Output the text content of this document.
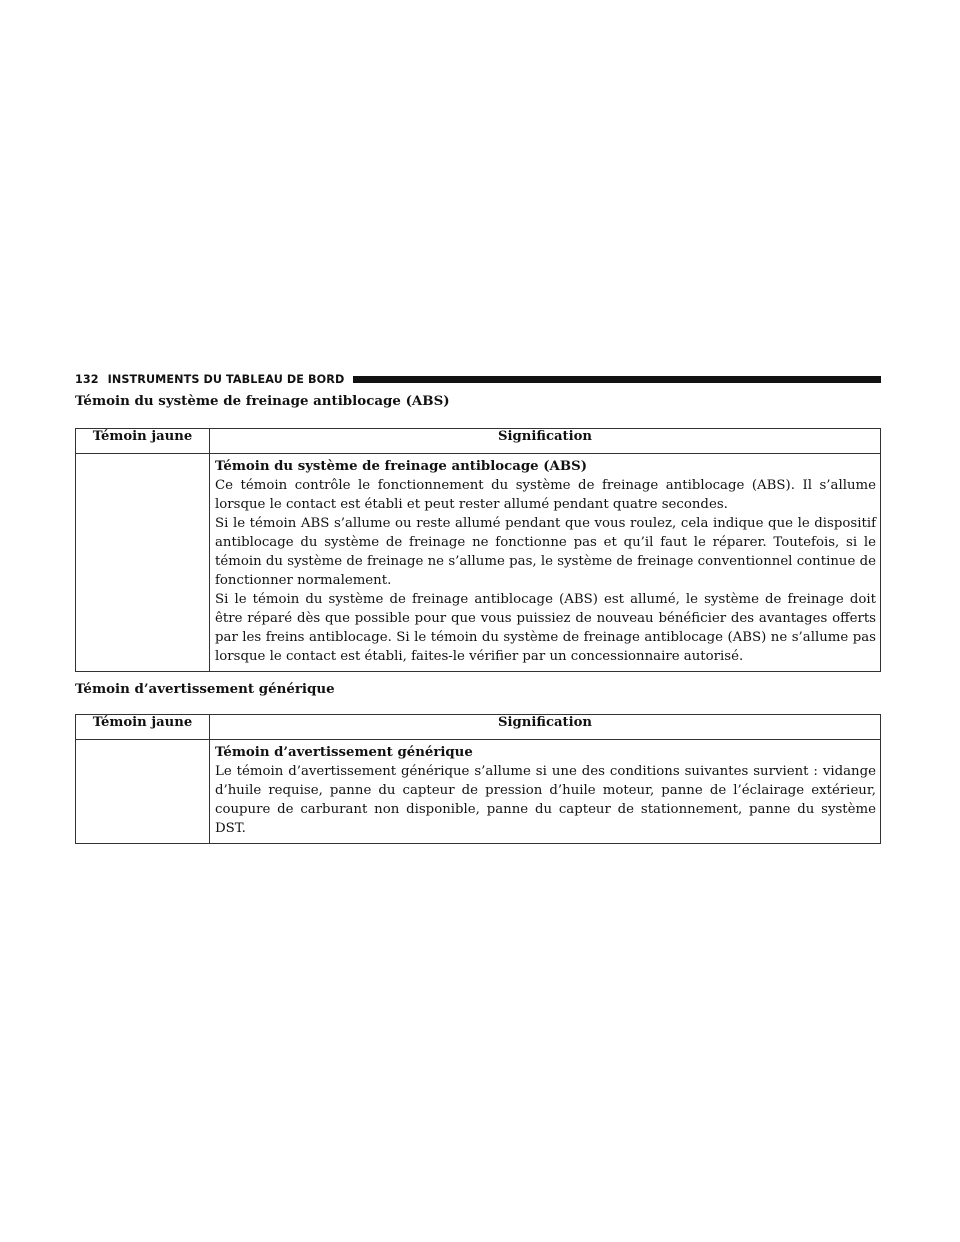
132 INSTRUMENTS DU TABLEAU DE BORD
Témoin du système de freinage antiblocage (ABS)
Témoin jaune	Signification

	Témoin du système de freinage antiblocage (ABS)
Ce témoin contrôle le fonctionnement du système de freinage antiblocage (ABS). Il s’allume lorsque le contact est établi et peut rester allumé pendant quatre secondes.
Si le témoin ABS s’allume ou reste allumé pendant que vous roulez, cela indique que le dispositif antiblocage du système de freinage ne fonctionne pas et qu’il faut le réparer. Toutefois, si le témoin du système de freinage ne s’allume pas, le système de freinage conventionnel continue de fonctionner normalement.
Si le témoin du système de freinage antiblocage (ABS) est allumé, le système de freinage doit être réparé dès que possible pour que vous puissiez de nouveau bénéficier des avantages offerts par les freins antiblocage. Si le témoin du système de freinage antiblocage (ABS) ne s’allume pas lorsque le contact est établi, faites-le vérifier par un concessionnaire autorisé.
Témoin d’avertissement générique
Témoin jaune	Signification

	Témoin d’avertissement générique
Le témoin d’avertissement générique s’allume si une des conditions suivantes survient : vidange d’huile requise, panne du capteur de pression d’huile moteur, panne de l’éclairage extérieur, coupure de carburant non disponible, panne du capteur de stationnement, panne du système DST.
